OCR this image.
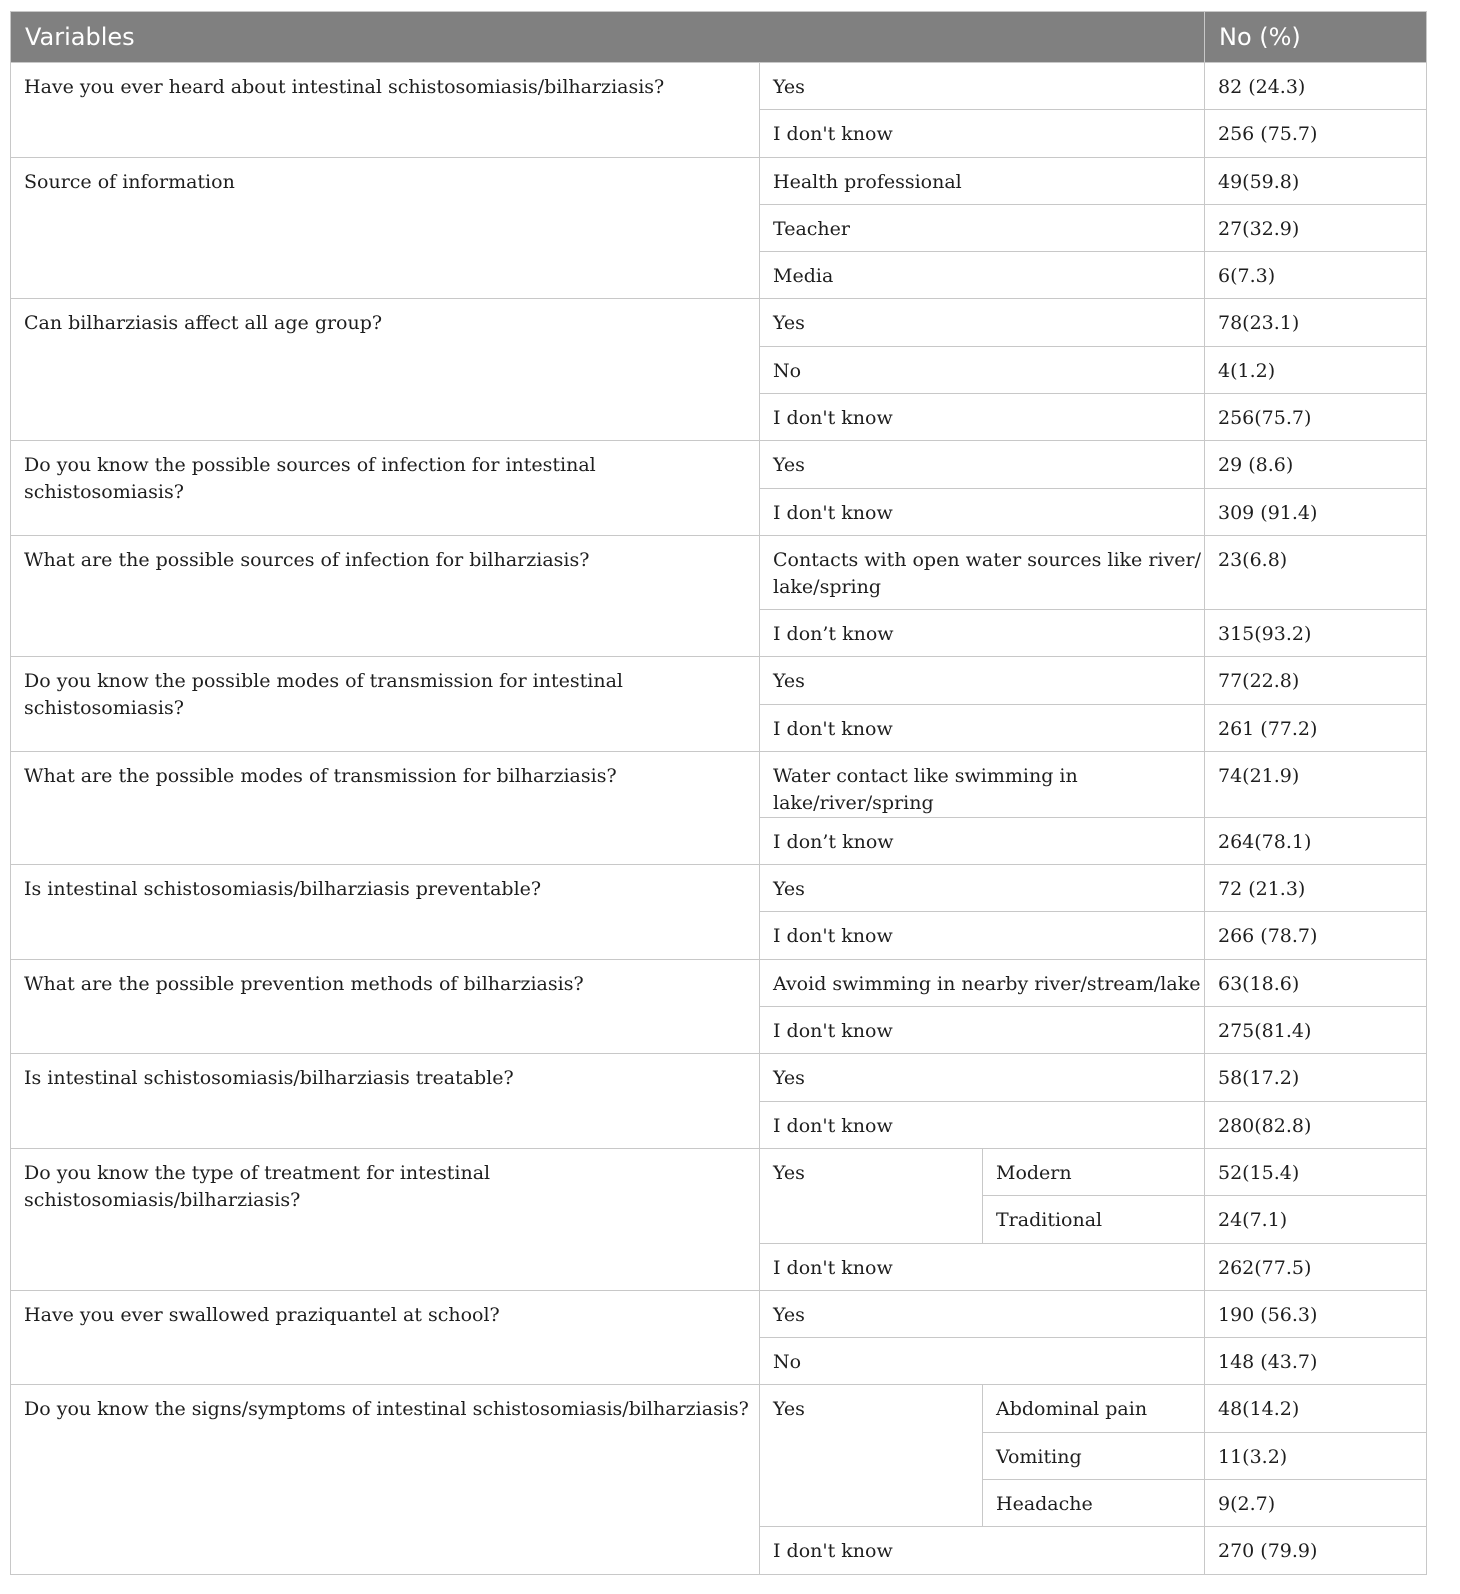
Variables			No (%)
Have you ever heard about intestinal schistosomiasis/bilharziasis?	Yes		82 (24.3)
	I don't know		256 (75.7)
Source of information	Health professional		49(59.8)
	Teacher		27(32.9)
	Media		6(7.3)
Can bilharziasis affect all age group?	Yes		78(23.1)
	No		4(1.2)
	I don't know		256(75.7)
Do you know the possible sources of infection for intestinal schistosomiasis?	Yes		29 (8.6)
	I don't know		309 (91.4)
What are the possible sources of infection for bilharziasis?	Contacts with open water sources like river/ lake/spring		23(6.8)
	I don’t know		315(93.2)
Do you know the possible modes of transmission for intestinal schistosomiasis?	Yes		77(22.8)
	I don't know		261 (77.2)
What are the possible modes of transmission for bilharziasis?	Water contact like swimming in lake/river/spring		74(21.9)
	I don’t know		264(78.1)
Is intestinal schistosomiasis/bilharziasis preventable?	Yes		72 (21.3)
	I don't know		266 (78.7)
What are the possible prevention methods of bilharziasis?	Avoid swimming in nearby river/stream/lake		63(18.6)
	I don't know		275(81.4)
Is intestinal schistosomiasis/bilharziasis treatable?	Yes		58(17.2)
	I don't know		280(82.8)
Do you know the type of treatment for intestinal schistosomiasis/bilharziasis?	Yes	Modern	52(15.4)
		Traditional	24(7.1)
	I don't know		262(77.5)
Have you ever swallowed praziquantel at school?	Yes		190 (56.3)
	No		148 (43.7)
Do you know the signs/symptoms of intestinal schistosomiasis/bilharziasis?	Yes	Abdominal pain	48(14.2)
		Vomiting	11(3.2)
		Headache	9(2.7)
	I don't know		270 (79.9)
